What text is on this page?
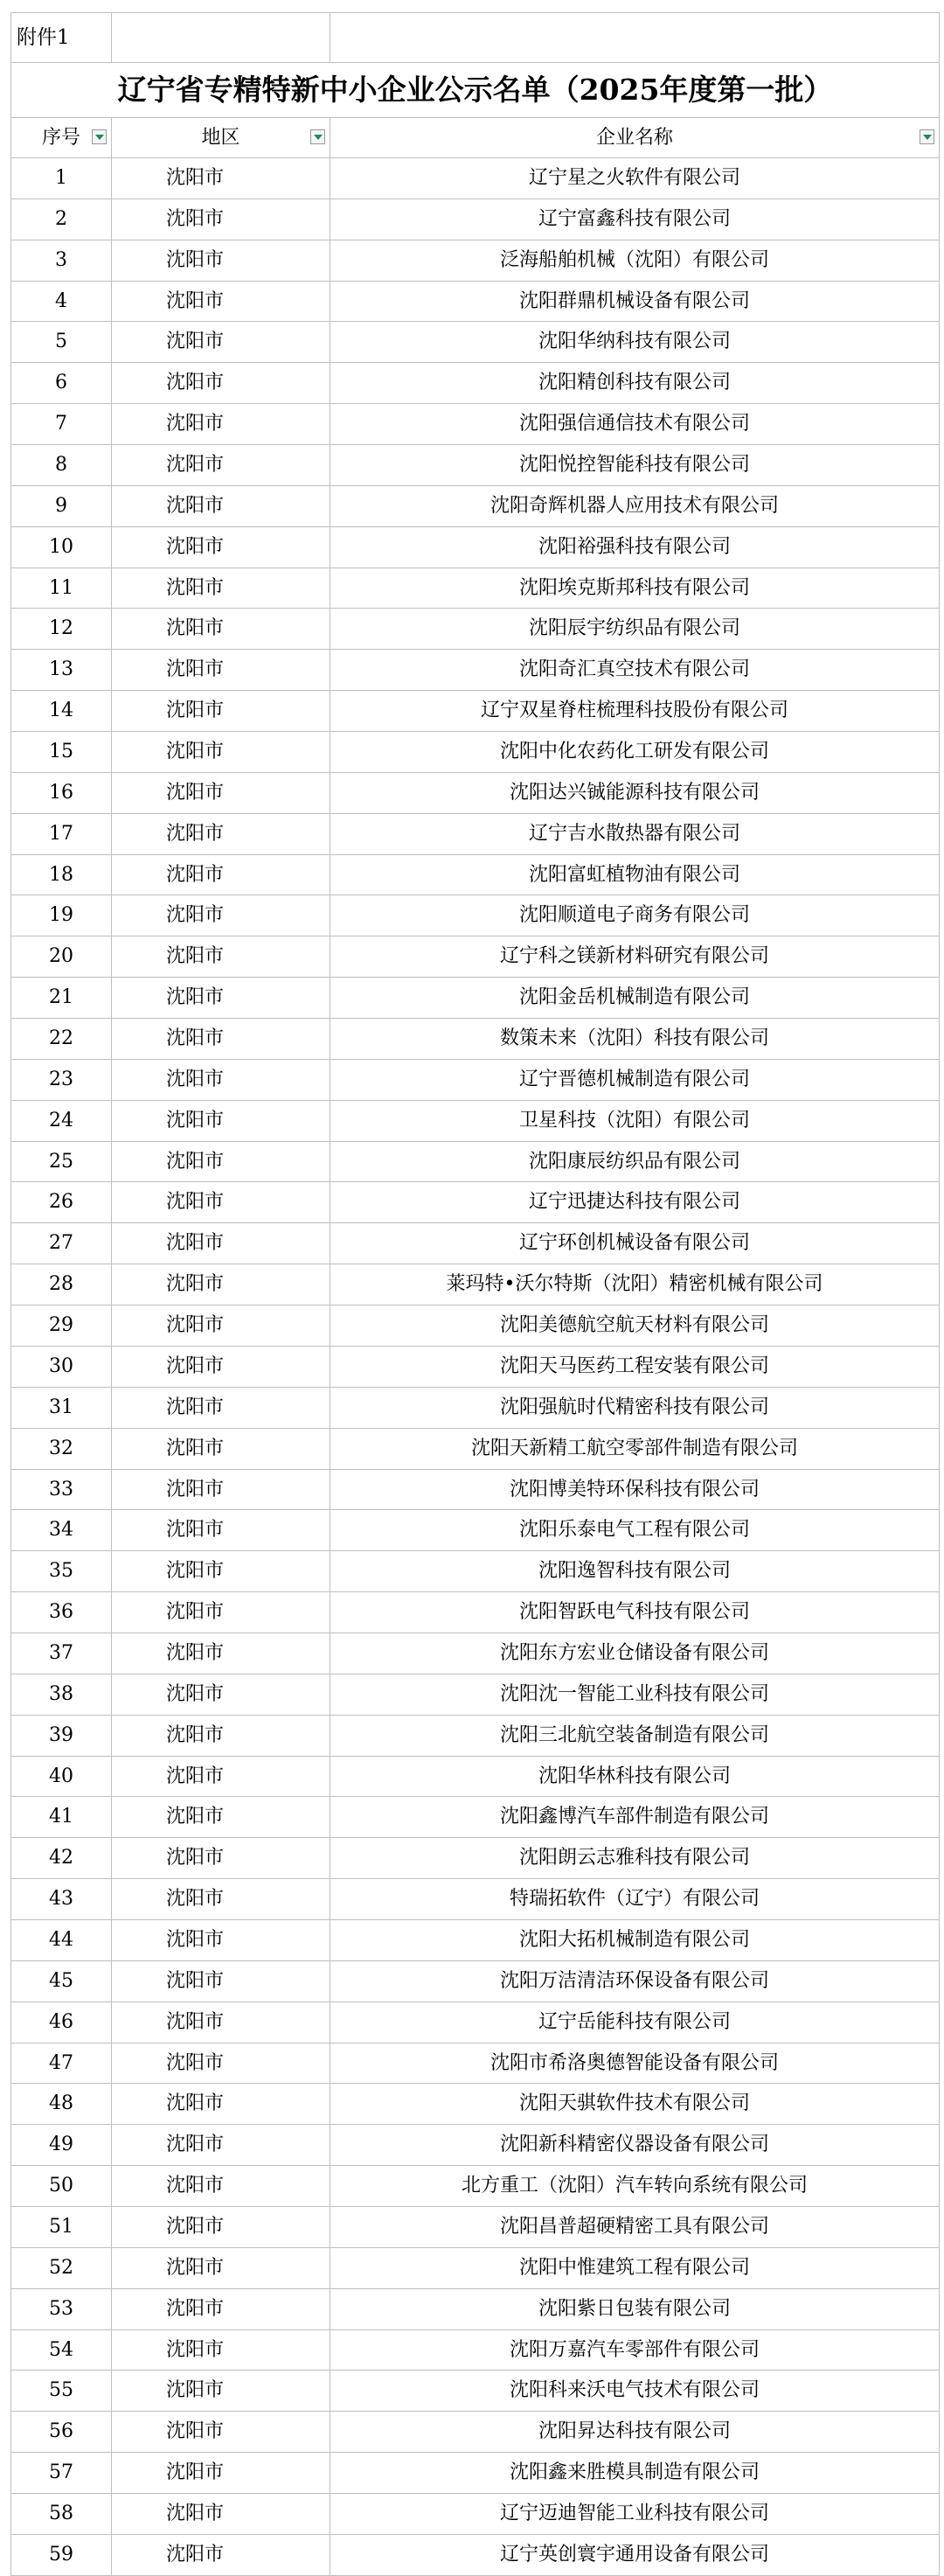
附件1		
辽宁省专精特新中小企业公示名单（2025年度第一批）		
序号	地区	企业名称

1	沈阳市	辽宁星之火软件有限公司
2	沈阳市	辽宁富鑫科技有限公司
3	沈阳市	泛海船舶机械（沈阳）有限公司
4	沈阳市	沈阳群鼎机械设备有限公司
5	沈阳市	沈阳华纳科技有限公司
6	沈阳市	沈阳精创科技有限公司
7	沈阳市	沈阳强信通信技术有限公司
8	沈阳市	沈阳悦控智能科技有限公司
9	沈阳市	沈阳奇辉机器人应用技术有限公司
10	沈阳市	沈阳裕强科技有限公司
11	沈阳市	沈阳埃克斯邦科技有限公司
12	沈阳市	沈阳辰宇纺织品有限公司
13	沈阳市	沈阳奇汇真空技术有限公司
14	沈阳市	辽宁双星脊柱梳理科技股份有限公司
15	沈阳市	沈阳中化农药化工研发有限公司
16	沈阳市	沈阳达兴铖能源科技有限公司
17	沈阳市	辽宁吉水散热器有限公司
18	沈阳市	沈阳富虹植物油有限公司
19	沈阳市	沈阳顺道电子商务有限公司
20	沈阳市	辽宁科之镁新材料研究有限公司
21	沈阳市	沈阳金岳机械制造有限公司
22	沈阳市	数策未来（沈阳）科技有限公司
23	沈阳市	辽宁晋德机械制造有限公司
24	沈阳市	卫星科技（沈阳）有限公司
25	沈阳市	沈阳康辰纺织品有限公司
26	沈阳市	辽宁迅捷达科技有限公司
27	沈阳市	辽宁环创机械设备有限公司
28	沈阳市	莱玛特•沃尔特斯（沈阳）精密机械有限公司
29	沈阳市	沈阳美德航空航天材料有限公司
30	沈阳市	沈阳天马医药工程安装有限公司
31	沈阳市	沈阳强航时代精密科技有限公司
32	沈阳市	沈阳天新精工航空零部件制造有限公司
33	沈阳市	沈阳博美特环保科技有限公司
34	沈阳市	沈阳乐泰电气工程有限公司
35	沈阳市	沈阳逸智科技有限公司
36	沈阳市	沈阳智跃电气科技有限公司
37	沈阳市	沈阳东方宏业仓储设备有限公司
38	沈阳市	沈阳沈一智能工业科技有限公司
39	沈阳市	沈阳三北航空装备制造有限公司
40	沈阳市	沈阳华林科技有限公司
41	沈阳市	沈阳鑫博汽车部件制造有限公司
42	沈阳市	沈阳朗云志雅科技有限公司
43	沈阳市	特瑞拓软件（辽宁）有限公司
44	沈阳市	沈阳大拓机械制造有限公司
45	沈阳市	沈阳万洁清洁环保设备有限公司
46	沈阳市	辽宁岳能科技有限公司
47	沈阳市	沈阳市希洛奥德智能设备有限公司
48	沈阳市	沈阳天骐软件技术有限公司
49	沈阳市	沈阳新科精密仪器设备有限公司
50	沈阳市	北方重工（沈阳）汽车转向系统有限公司
51	沈阳市	沈阳昌普超硬精密工具有限公司
52	沈阳市	沈阳中惟建筑工程有限公司
53	沈阳市	沈阳紫日包装有限公司
54	沈阳市	沈阳万嘉汽车零部件有限公司
55	沈阳市	沈阳科来沃电气技术有限公司
56	沈阳市	沈阳昇达科技有限公司
57	沈阳市	沈阳鑫来胜模具制造有限公司
58	沈阳市	辽宁迈迪智能工业科技有限公司
59	沈阳市	辽宁英创寰宇通用设备有限公司
